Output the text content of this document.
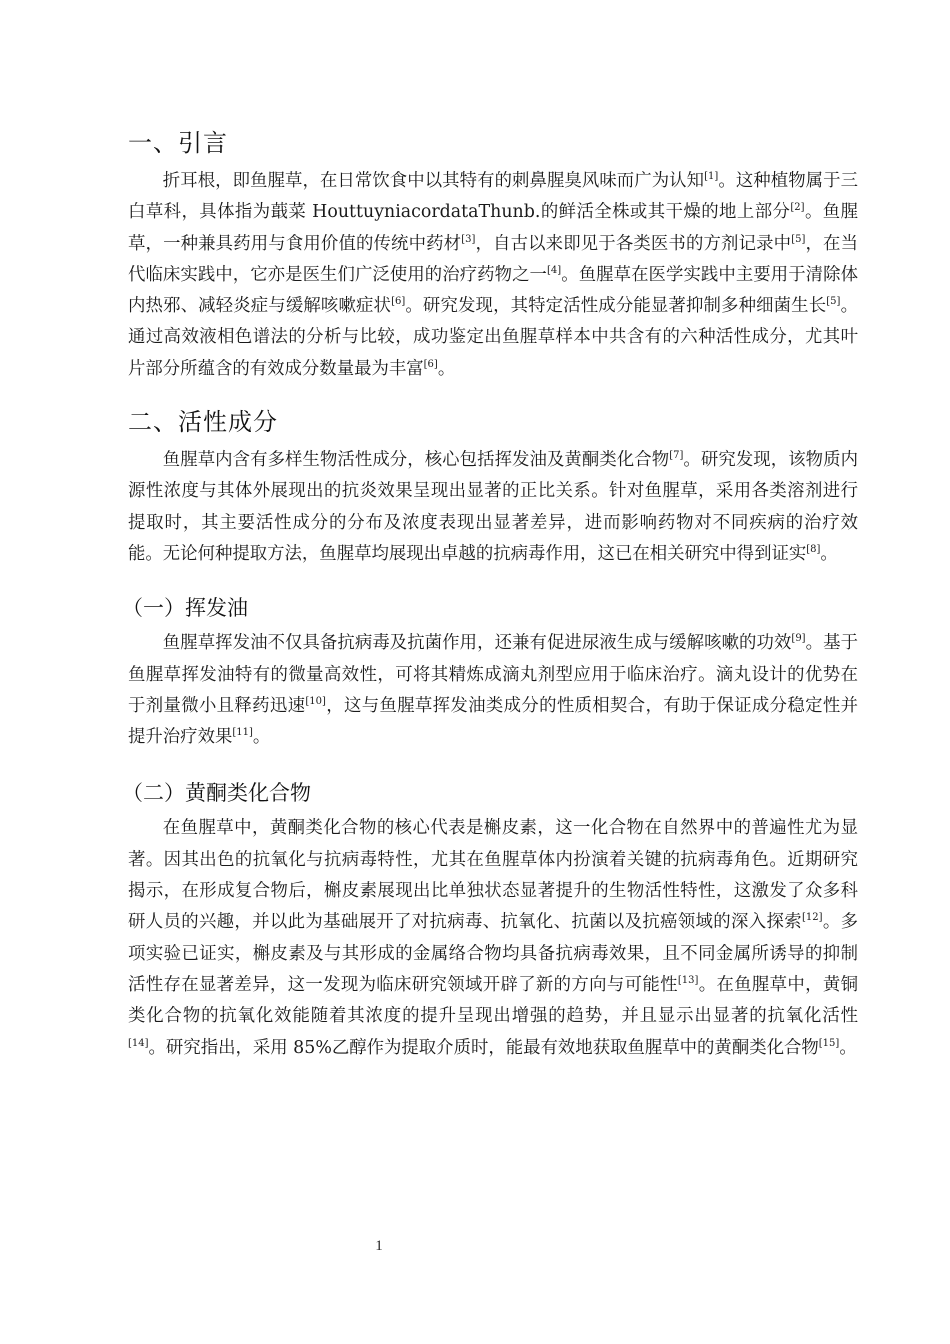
一、引言

折耳根，即鱼腥草，在日常饮食中以其特有的刺鼻腥臭风味而广为认知[1]。这种植物属于三白草科，具体指为蕺菜 HouttuyniacordataThunb.的鲜活全株或其干燥的地上部分[2]。鱼腥草，一种兼具药用与食用价值的传统中药材[3]，自古以来即见于各类医书的方剂记录中[5]，在当代临床实践中，它亦是医生们广泛使用的治疗药物之一[4]。鱼腥草在医学实践中主要用于清除体内热邪、减轻炎症与缓解咳嗽症状[6]。研究发现，其特定活性成分能显著抑制多种细菌生长[5]。通过高效液相色谱法的分析与比较，成功鉴定出鱼腥草样本中共含有的六种活性成分，尤其叶片部分所蕴含的有效成分数量最为丰富[6]。

二、活性成分

鱼腥草内含有多样生物活性成分，核心包括挥发油及黄酮类化合物[7]。研究发现，该物质内源性浓度与其体外展现出的抗炎效果呈现出显著的正比关系。针对鱼腥草，采用各类溶剂进行提取时，其主要活性成分的分布及浓度表现出显著差异，进而影响药物对不同疾病的治疗效能。无论何种提取方法，鱼腥草均展现出卓越的抗病毒作用，这已在相关研究中得到证实[8]。

（一）挥发油

鱼腥草挥发油不仅具备抗病毒及抗菌作用，还兼有促进尿液生成与缓解咳嗽的功效[9]。基于鱼腥草挥发油特有的微量高效性，可将其精炼成滴丸剂型应用于临床治疗。滴丸设计的优势在于剂量微小且释药迅速[10]，这与鱼腥草挥发油类成分的性质相契合，有助于保证成分稳定性并提升治疗效果[11]。

（二）黄酮类化合物

在鱼腥草中，黄酮类化合物的核心代表是槲皮素，这一化合物在自然界中的普遍性尤为显著。因其出色的抗氧化与抗病毒特性，尤其在鱼腥草体内扮演着关键的抗病毒角色。近期研究揭示，在形成复合物后，槲皮素展现出比单独状态显著提升的生物活性特性，这激发了众多科研人员的兴趣，并以此为基础展开了对抗病毒、抗氧化、抗菌以及抗癌领域的深入探索[12]。多项实验已证实，槲皮素及与其形成的金属络合物均具备抗病毒效果，且不同金属所诱导的抑制活性存在显著差异，这一发现为临床研究领域开辟了新的方向与可能性[13]。在鱼腥草中，黄铜类化合物的抗氧化效能随着其浓度的提升呈现出增强的趋势，并且显示出显著的抗氧化活性[14]。研究指出，采用 85%乙醇作为提取介质时，能最有效地获取鱼腥草中的黄酮类化合物[15]。

1
